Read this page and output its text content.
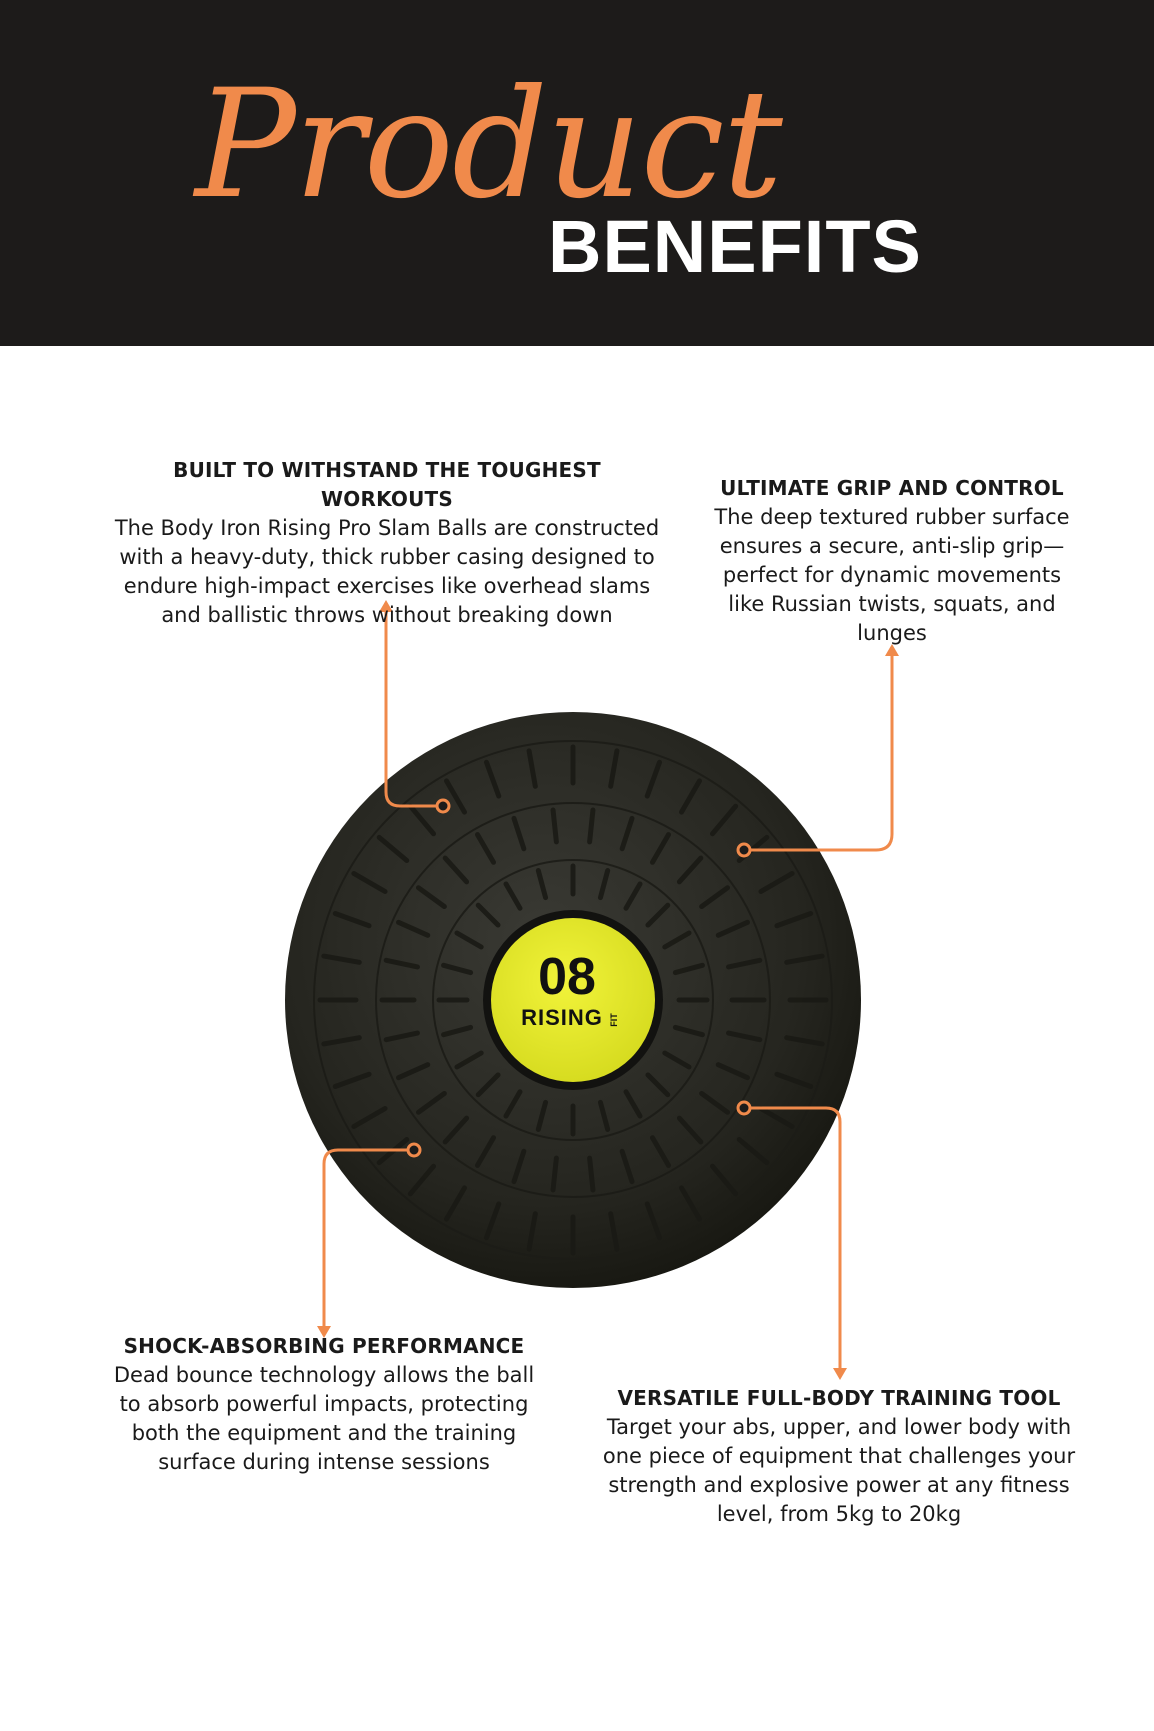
Product
BENEFITS
08
RISING FIT
BUILT TO WITHSTAND THE TOUGHEST WORKOUTS
The Body Iron Rising Pro Slam Balls are constructed
with a heavy-duty, thick rubber casing designed to
endure high-impact exercises like overhead slams
and ballistic throws without breaking down
ULTIMATE GRIP AND CONTROL
The deep textured rubber surface
ensures a secure, anti-slip grip—
perfect for dynamic movements
like Russian twists, squats, and
lunges
SHOCK-ABSORBING PERFORMANCE
Dead bounce technology allows the ball
to absorb powerful impacts, protecting
both the equipment and the training
surface during intense sessions
VERSATILE FULL-BODY TRAINING TOOL
Target your abs, upper, and lower body with
one piece of equipment that challenges your
strength and explosive power at any fitness
level, from 5kg to 20kg
